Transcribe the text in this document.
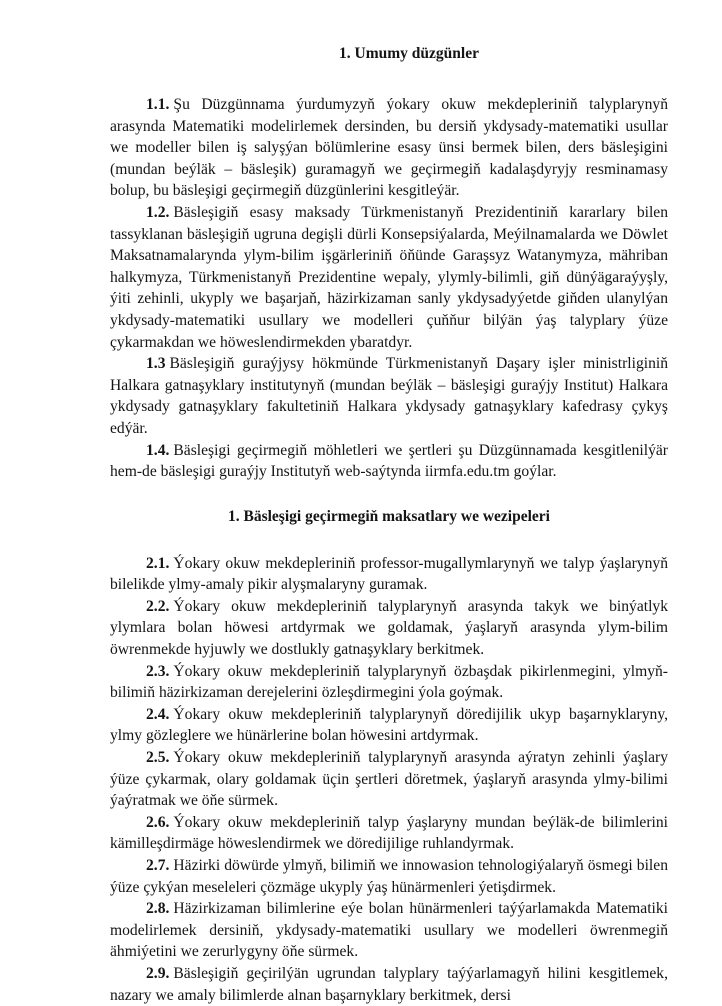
1. Umumy düzgünler

1.1. Şu Düzgünnama ýurdumyzyň ýokary okuw mekdepleriniň talyplarynyň arasynda Matematiki modelirlemek dersinden, bu dersiň ykdysady-matematiki usullar we modeller bilen iş salyşýan bölümlerine esasy ünsi bermek bilen, ders bäsleşigini (mundan beýläk – bäsleşik) guramagyň we geçirmegiň kadalaşdyryjy resminamasy bolup, bu bäsleşigi geçirmegiň düzgünlerini kesgitleýär.

1.2. Bäsleşigiň esasy maksady Türkmenistanyň Prezidentiniň kararlary bilen tassyklanan bäsleşigiň ugruna degişli dürli Konsepsiýalarda, Meýilnamalarda we Döwlet Maksatnamalarynda ylym-bilim işgärleriniň öňünde Garaşsyz Watanymyza, mähriban halkymyza, Türkmenistanyň Prezidentine wepaly, ylymly-bilimli, giň dünýägaraýyşly, ýiti zehinli, ukyply we başarjaň, häzirkizaman sanly ykdysadyýetde giňden ulanylýan ykdysady-matematiki usullary we modelleri çuňňur bilýän ýaş talyplary ýüze çykarmakdan we höweslendirmekden ybaratdyr.

1.3 Bäsleşigiň guraýjysy hökmünde Türkmenistanyň Daşary işler ministrliginiň Halkara gatnaşyklary institutynyň (mundan beýläk – bäsleşigi guraýjy Institut) Halkara ykdysady gatnaşyklary fakultetiniň Halkara ykdysady gatnaşyklary kafedrasy çykyş edýär.

1.4. Bäsleşigi geçirmegiň möhletleri we şertleri şu Düzgünnamada kesgitlenilýär hem-de bäsleşigi guraýjy Institutyň web-saýtynda iirmfa.edu.tm goýlar.

1. Bäsleşigi geçirmegiň maksatlary we wezipeleri

2.1. Ýokary okuw mekdepleriniň professor-mugallymlarynyň we talyp ýaşlarynyň bilelikde ylmy-amaly pikir alyşmalaryny guramak.

2.2. Ýokary okuw mekdepleriniň talyplarynyň arasynda takyk we binýatlyk ylymlara bolan höwesi artdyrmak we goldamak, ýaşlaryň arasynda ylym-bilim öwrenmekde hyjuwly we dostlukly gatnaşyklary berkitmek.

2.3. Ýokary okuw mekdepleriniň talyplarynyň özbaşdak pikirlenmegini, ylmyň-bilimiň häzirkizaman derejelerini özleşdirmegini ýola goýmak.

2.4. Ýokary okuw mekdepleriniň talyplarynyň döredijilik ukyp başarnyklaryny, ylmy gözleglere we hünärlerine bolan höwesini artdyrmak.

2.5. Ýokary okuw mekdepleriniň talyplarynyň arasynda aýratyn zehinli ýaşlary ýüze çykarmak, olary goldamak üçin şertleri döretmek, ýaşlaryň arasynda ylmy-bilimi ýaýratmak we öňe sürmek.

2.6. Ýokary okuw mekdepleriniň talyp ýaşlaryny mundan beýläk-de bilimlerini kämilleşdirmäge höweslendirmek we döredijilige ruhlandyrmak.

2.7. Häzirki döwürde ylmyň, bilimiň we innowasion tehnologiýalaryň ösmegi bilen ýüze çykýan meseleleri çözmäge ukyply ýaş hünärmenleri ýetişdirmek.

2.8. Häzirkizaman bilimlerine eýe bolan hünärmenleri taýýarlamakda Matematiki modelirlemek dersiniň, ykdysady-matematiki usullary we modelleri öwrenmegiň ähmiýetini we zerurlygyny öňe sürmek.

2.9. Bäsleşigiň geçirilýän ugrundan talyplary taýýarlamagyň hilini kesgitlemek, nazary we amaly bilimlerde alnan başarnyklary berkitmek, dersi
